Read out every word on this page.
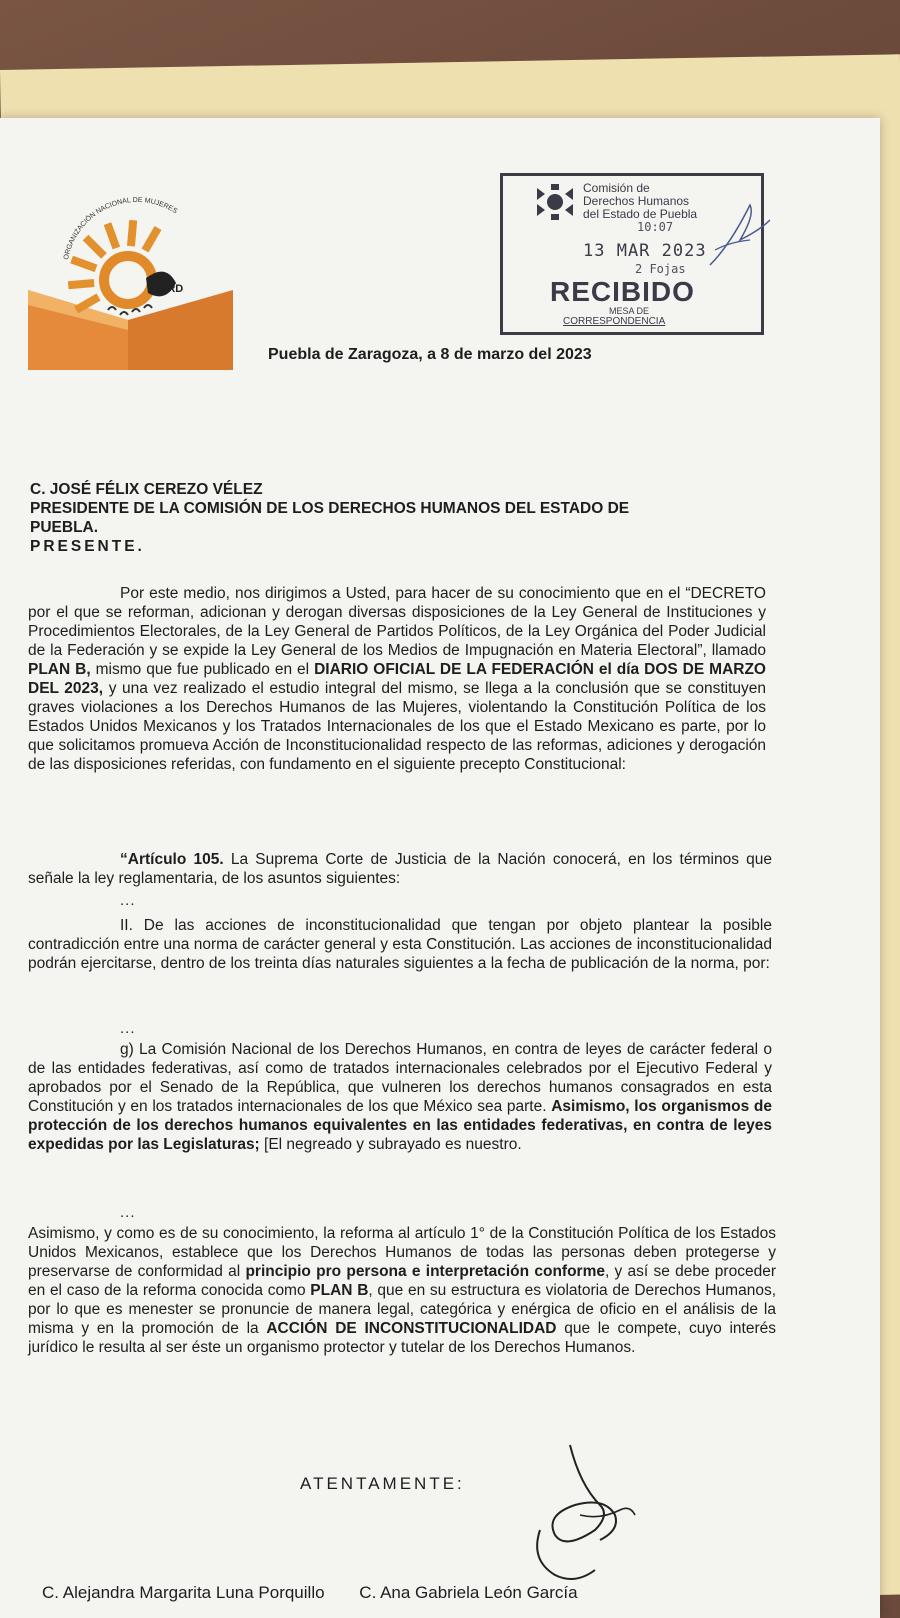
PRD
ORGANIZACIÓN NACIONAL DE MUJERES
Comisión de
Derechos Humanos
del Estado de Puebla
10:07
13 MAR 2023
2 Fojas
RECIBIDO
MESA DE
CORRESPONDENCIA
Puebla de Zaragoza, a 8 de marzo del 2023
C. JOSÉ FÉLIX CEREZO VÉLEZ
PRESIDENTE DE LA COMISIÓN DE LOS DERECHOS HUMANOS DEL ESTADO DE
PUEBLA.
PRESENTE.

Por este medio, nos dirigimos a Usted, para hacer de su conocimiento que en el “DECRETO por el que se reforman, adicionan y derogan diversas disposiciones de la Ley General de Instituciones y Procedimientos Electorales, de la Ley General de Partidos Políticos, de la Ley Orgánica del Poder Judicial de la Federación y se expide la Ley General de los Medios de Impugnación en Materia Electoral”, llamado PLAN B, mismo que fue publicado en el DIARIO OFICIAL DE LA FEDERACIÓN el día DOS DE MARZO DEL 2023, y una vez realizado el estudio integral del mismo, se llega a la conclusión que se constituyen graves violaciones a los Derechos Humanos de las Mujeres, violentando la Constitución Política de los Estados Unidos Mexicanos y los Tratados Internacionales de los que el Estado Mexicano es parte, por lo que solicitamos promueva Acción de Inconstitucionalidad respecto de las reformas, adiciones y derogación de las disposiciones referidas, con fundamento en el siguiente precepto Constitucional:

“Artículo 105. La Suprema Corte de Justicia de la Nación conocerá, en los términos que señale la ley reglamentaria, de los asuntos siguientes:

...

II. De las acciones de inconstitucionalidad que tengan por objeto plantear la posible contradicción entre una norma de carácter general y esta Constitución. Las acciones de inconstitucionalidad podrán ejercitarse, dentro de los treinta días naturales siguientes a la fecha de publicación de la norma, por:

...

g) La Comisión Nacional de los Derechos Humanos, en contra de leyes de carácter federal o de las entidades federativas, así como de tratados internacionales celebrados por el Ejecutivo Federal y aprobados por el Senado de la República, que vulneren los derechos humanos consagrados en esta Constitución y en los tratados internacionales de los que México sea parte. Asimismo, los organismos de protección de los derechos humanos equivalentes en las entidades federativas, en contra de leyes expedidas por las Legislaturas; [El negreado y subrayado es nuestro.

...

Asimismo, y como es de su conocimiento, la reforma al artículo 1° de la Constitución Política de los Estados Unidos Mexicanos, establece que los Derechos Humanos de todas las personas deben protegerse y preservarse de conformidad al principio pro persona e interpretación conforme, y así se debe proceder en el caso de la reforma conocida como PLAN B, que en su estructura es violatoria de Derechos Humanos, por lo que es menester se pronuncie de manera legal, categórica y enérgica de oficio en el análisis de la misma y en la promoción de la ACCIÓN DE INCONSTITUCIONALIDAD que le compete, cuyo interés jurídico le resulta al ser éste un organismo protector y tutelar de los Derechos Humanos.

ATENTAMENTE:
C. Alejandra Margarita Luna Porquillo C. Ana Gabriela León García
